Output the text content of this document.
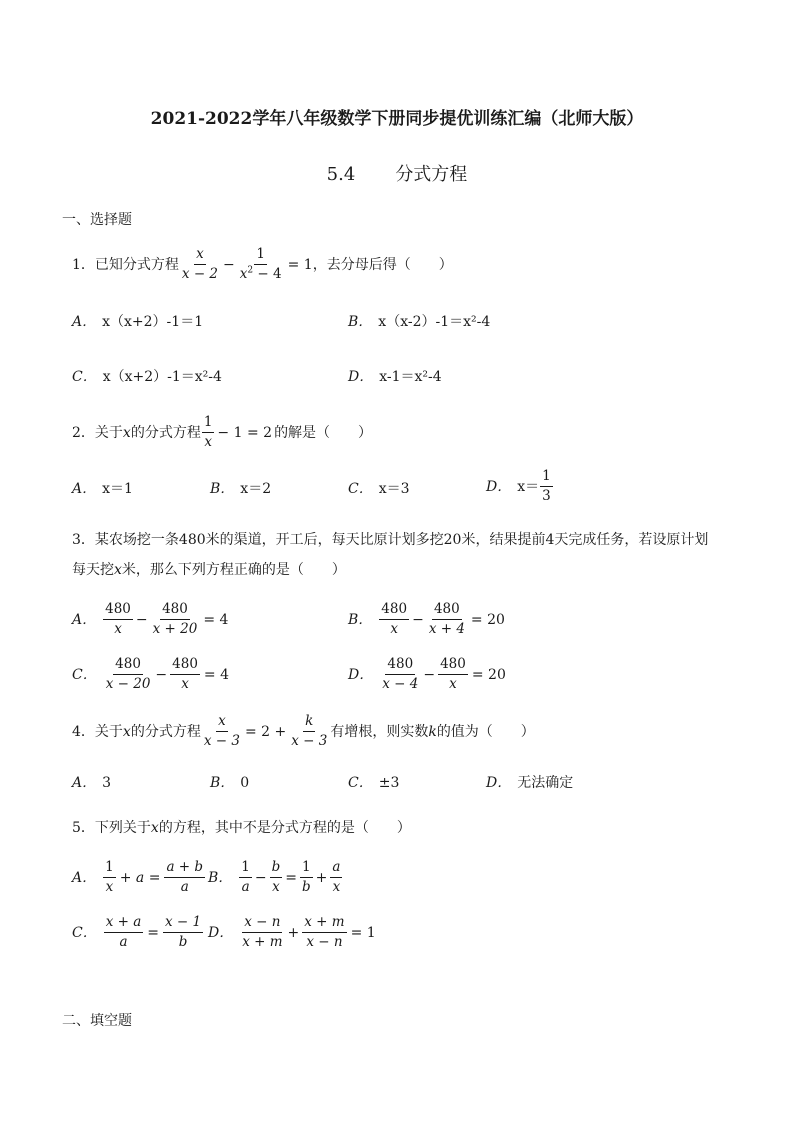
2021-2022学年八年级数学下册同步提优训练汇编（北师大版）
5.4 分式方程
一、选择题
1．已知分式方程 $\frac{x}{x - 2} - \frac{1}{x^2 - 4} = 1$ ，去分母后得（　　）
A． x（x+2）-1＝1	B． x（x-2）-1＝x²-4
C． x（x+2）-1＝x²-4	D． x-1＝x²-4
2．关于 x 的分式方程 $\frac{1}{x} - 1 = 2$ 的解是（　　）
A． x＝1	B． x＝2	C． x＝3	D． $x= \frac{1}{3}$
3．某农场挖一条480米的渠道，开工后，每天比原计划多挖20米，结果提前4天完成任务，若设原计划
每天挖x米，那么下列方程正确的是（　　）
A． $\frac{480}{x} - \frac{480}{x + 20} = 4$	B． $\frac{480}{x} - \frac{480}{x + 4} = 20$
C． $\frac{480}{x - 20} - \frac{480}{x} = 4$	D． $\frac{480}{x - 4} - \frac{480}{x} = 20$
4．关于 x 的分式方程 $\frac{x}{x - 3} = 2 + \frac{k}{x - 3}$ 有增根，则实数 k 的值为（　　）
A． 3	B． 0	C． ±3	D． 无法确定
5．下列关于x的方程，其中不是分式方程的是（　　）
A． $\frac{1}{x} + a = \frac{a + b}{a}$ B． $\frac{1}{a} - \frac{b}{x} = \frac{1}{b} + \frac{a}{x}$
C． $\frac{x + a}{a} = \frac{x - 1}{b}$ D． $\frac{x - n}{x + m} + \frac{x + m}{x - n} = 1$
二、填空题
